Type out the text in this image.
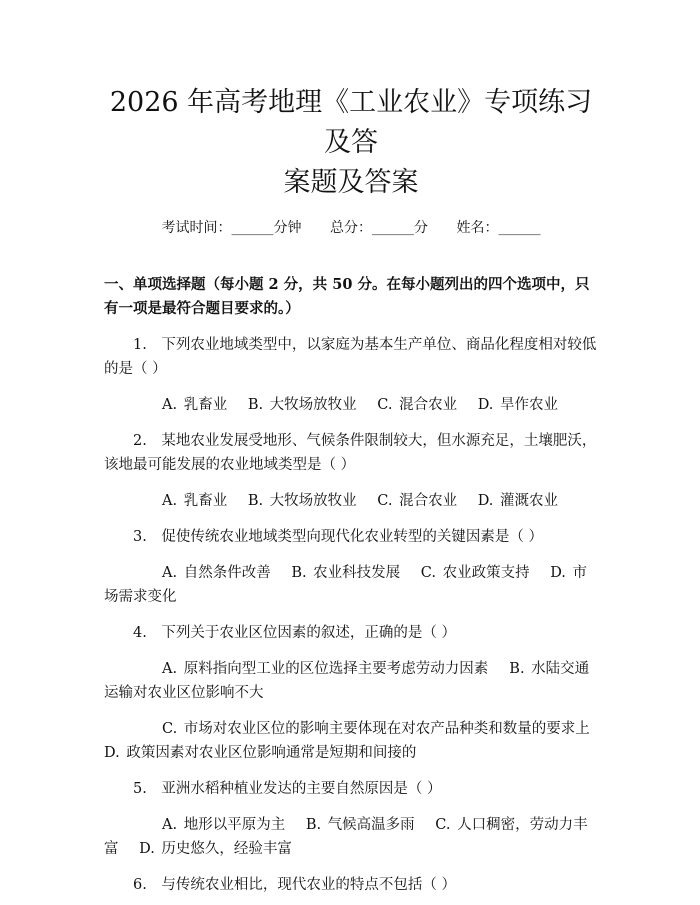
2026 年高考地理《工业农业》专项练习及答
案题及答案
考试时间：______分钟 总分：______分 姓名：______
一、单项选择题（每小题 2 分，共 50 分。在每小题列出的四个选项中，只有一项是最符合题目要求的。）
1.　下列农业地域类型中，以家庭为基本生产单位、商品化程度相对较低的是（ ）
A. 乳畜业 B. 大牧场放牧业 C. 混合农业 D. 旱作农业
2.　某地农业发展受地形、气候条件限制较大，但水源充足，土壤肥沃，该地最可能发展的农业地域类型是（ ）
A. 乳畜业 B. 大牧场放牧业 C. 混合农业 D. 灌溉农业
3.　促使传统农业地域类型向现代化农业转型的关键因素是（ ）
A. 自然条件改善 B. 农业科技发展 C. 农业政策支持 D. 市场需求变化
4.　下列关于农业区位因素的叙述，正确的是（ ）
A. 原料指向型工业的区位选择主要考虑劳动力因素　 B. 水陆交通运输对农业区位影响不大
C. 市场对农业区位的影响主要体现在对农产品种类和数量的要求上　 D. 政策因素对农业区位影响通常是短期和间接的
5.　亚洲水稻种植业发达的主要自然原因是（ ）
A. 地形以平原为主 B. 气候高温多雨 C. 人口稠密，劳动力丰富 D. 历史悠久，经验丰富
6.　与传统农业相比，现代农业的特点不包括（ ）
